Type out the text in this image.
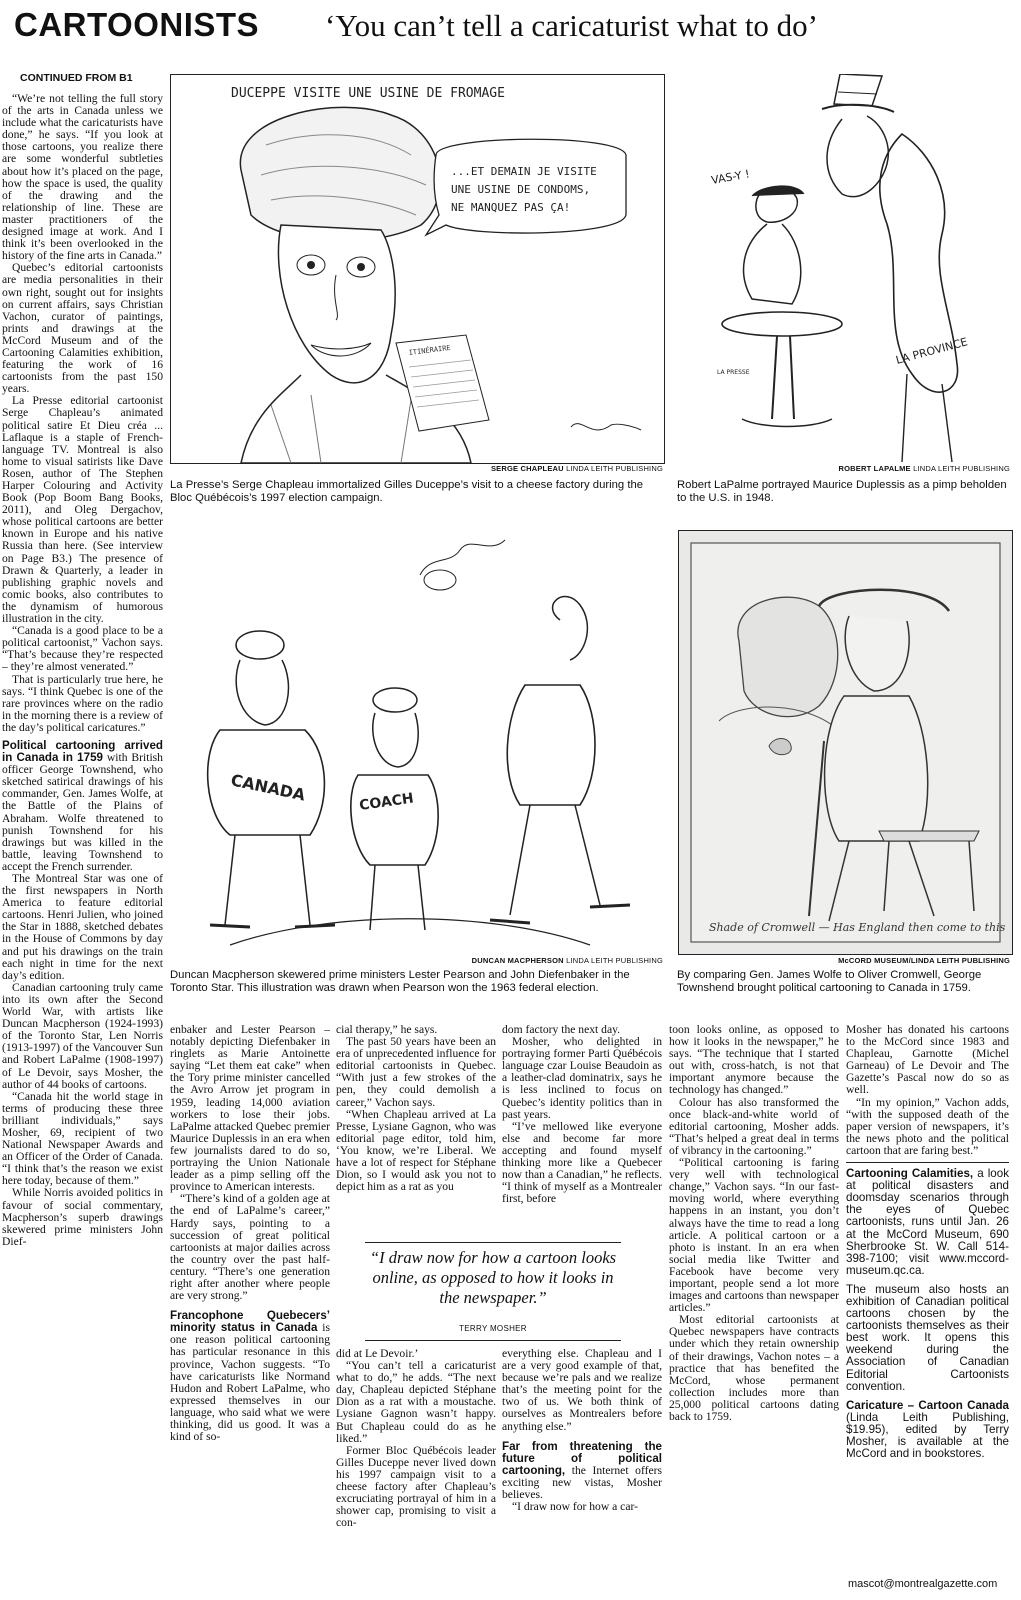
CARTOONISTS ‘You can’t tell a caricaturist what to do’
CONTINUED FROM B1

“We’re not telling the full story of the arts in Canada unless we include what the caricaturists have done,” he says. “If you look at those cartoons, you realize there are some wonderful subtleties about how it’s placed on the page, how the space is used, the quality of the drawing and the relationship of line. These are master practitioners of the designed image at work. And I think it’s been overlooked in the history of the fine arts in Canada.”

Quebec’s editorial cartoonists are media personalities in their own right, sought out for insights on current affairs, says Christian Vachon, curator of paintings, prints and drawings at the McCord Museum and of the Cartooning Calamities exhibition, featuring the work of 16 cartoonists from the past 150 years.

La Presse editorial cartoonist Serge Chapleau’s animated political satire Et Dieu créa ... Laflaque is a staple of French-language TV. Montreal is also home to visual satirists like Dave Rosen, author of The Stephen Harper Colouring and Activity Book (Pop Boom Bang Books, 2011), and Oleg Dergachov, whose political cartoons are better known in Europe and his native Russia than here. (See interview on Page B3.) The presence of Drawn & Quarterly, a leader in publishing graphic novels and comic books, also contributes to the dynamism of humorous illustration in the city.

“Canada is a good place to be a political cartoonist,” Vachon says. “That’s because they’re respected – they’re almost venerated.”

That is particularly true here, he says. “I think Quebec is one of the rare provinces where on the radio in the morning there is a review of the day’s political caricatures.”

Political cartooning arrived in Canada in 1759 with British officer George Townshend, who sketched satirical drawings of his commander, Gen. James Wolfe, at the Battle of the Plains of Abraham. Wolfe threatened to punish Townshend for his drawings but was killed in the battle, leaving Townshend to accept the French surrender.

The Montreal Star was one of the first newspapers in North America to feature editorial cartoons. Henri Julien, who joined the Star in 1888, sketched debates in the House of Commons by day and put his drawings on the train each night in time for the next day’s edition.

Canadian cartooning truly came into its own after the Second World War, with artists like Duncan Macpherson (1924-1993) of the Toronto Star, Len Norris (1913-1997) of the Vancouver Sun and Robert LaPalme (1908-1997) of Le Devoir, says Mosher, the author of 44 books of cartoons.

“Canada hit the world stage in terms of producing these three brilliant individuals,” says Mosher, 69, recipient of two National Newspaper Awards and an Officer of the Order of Canada. “I think that’s the reason we exist here today, because of them.”

While Norris avoided politics in favour of social commentary, Macpherson’s superb drawings skewered prime ministers John Dief-

DUCEPPE VISITE UNE USINE DE FROMAGE
ITINÉRAIRE
...ET DEMAIN JE VISITE
UNE USINE DE CONDOMS,
NE MANQUEZ PAS ÇA!
SERGE CHAPLEAU LINDA LEITH PUBLISHING
La Presse’s Serge Chapleau immortalized Gilles Duceppe’s visit to a cheese factory during the Bloc Québécois’s 1997 election campaign.
LA PROVINCE
VAS-Y !
LA PRESSE
ROBERT LAPALME LINDA LEITH PUBLISHING
Robert LaPalme portrayed Maurice Duplessis as a pimp beholden to the U.S. in 1948.
CANADA	COACH
DUNCAN MACPHERSON LINDA LEITH PUBLISHING
Duncan Macpherson skewered prime ministers Lester Pearson and John Diefenbaker in the Toronto Star. This illustration was drawn when Pearson won the 1963 federal election.
Shade of Cromwell — Has England then come to this
McCORD MUSEUM/LINDA LEITH PUBLISHING
By comparing Gen. James Wolfe to Oliver Cromwell, George Townshend brought political cartooning to Canada in 1759.

enbaker and Lester Pearson – notably depicting Diefenbaker in ringlets as Marie Antoinette saying “Let them eat cake” when the Tory prime minister cancelled the Avro Arrow jet program in 1959, leading 14,000 aviation workers to lose their jobs. LaPalme attacked Quebec premier Maurice Duplessis in an era when few journalists dared to do so, portraying the Union Nationale leader as a pimp selling off the province to American interests.

“There’s kind of a golden age at the end of LaPalme’s career,” Hardy says, pointing to a succession of great political cartoonists at major dailies across the country over the past half-century. “There’s one generation right after another where people are very strong.”

Francophone Quebecers’ minority status in Canada is one reason political cartooning has particular resonance in this province, Vachon suggests. “To have caricaturists like Normand Hudon and Robert LaPalme, who expressed themselves in our language, who said what we were thinking, did us good. It was a kind of so-

cial therapy,” he says.

The past 50 years have been an era of unprecedented influence for editorial cartoonists in Quebec. “With just a few strokes of the pen, they could demolish a career,” Vachon says.

“When Chapleau arrived at La Presse, Lysiane Gagnon, who was editorial page editor, told him, ‘You know, we’re Liberal. We have a lot of respect for Stéphane Dion, so I would ask you not to depict him as a rat as you

dom factory the next day.

Mosher, who delighted in portraying former Parti Québécois language czar Louise Beaudoin as a leather-clad dominatrix, says he is less inclined to focus on Quebec’s identity politics than in past years.

“I’ve mellowed like everyone else and become far more accepting and found myself thinking more like a Quebecer now than a Canadian,” he reflects. “I think of myself as a Montrealer first, before

“I draw now for how a cartoon looks online, as opposed to how it looks in the newspaper.”
TERRY MOSHER

did at Le Devoir.’

“You can’t tell a caricaturist what to do,” he adds. “The next day, Chapleau depicted Stéphane Dion as a rat with a moustache. Lysiane Gagnon wasn’t happy. But Chapleau could do as he liked.”

Former Bloc Québécois leader Gilles Duceppe never lived down his 1997 campaign visit to a cheese factory after Chapleau’s excruciating portrayal of him in a shower cap, promising to visit a con-

everything else. Chapleau and I are a very good example of that, because we’re pals and we realize that’s the meeting point for the two of us. We both think of ourselves as Montrealers before anything else.”

Far from threatening the future of political cartooning, the Internet offers exciting new vistas, Mosher believes.

“I draw now for how a car-

toon looks online, as opposed to how it looks in the newspaper,” he says. “The technique that I started out with, cross-hatch, is not that important anymore because the technology has changed.”

Colour has also transformed the once black-and-white world of editorial cartooning, Mosher adds. “That’s helped a great deal in terms of vibrancy in the cartooning.”

“Political cartooning is faring very well with technological change,” Vachon says. “In our fast-moving world, where everything happens in an instant, you don’t always have the time to read a long article. A political cartoon or a photo is instant. In an era when social media like Twitter and Facebook have become very important, people send a lot more images and cartoons than newspaper articles.”

Most editorial cartoonists at Quebec newspapers have contracts under which they retain ownership of their drawings, Vachon notes – a practice that has benefited the McCord, whose permanent collection includes more than 25,000 political cartoons dating back to 1759.

Mosher has donated his cartoons to the McCord since 1983 and Chapleau, Garnotte (Michel Garneau) of Le Devoir and The Gazette’s Pascal now do so as well.

“In my opinion,” Vachon adds, “with the supposed death of the paper version of newspapers, it’s the news photo and the political cartoon that are faring best.”

Cartooning Calamities, a look at political disasters and doomsday scenarios through the eyes of Quebec cartoonists, runs until Jan. 26 at the McCord Museum, 690 Sherbrooke St. W. Call 514-398-7100; visit www.mccord-museum.qc.ca.

The museum also hosts an exhibition of Canadian political cartoons chosen by the cartoonists themselves as their best work. It opens this weekend during the Association of Canadian Editorial Cartoonists convention.

Caricature – Cartoon Canada (Linda Leith Publishing, $19.95), edited by Terry Mosher, is available at the McCord and in bookstores.

mascot@montrealgazette.com
